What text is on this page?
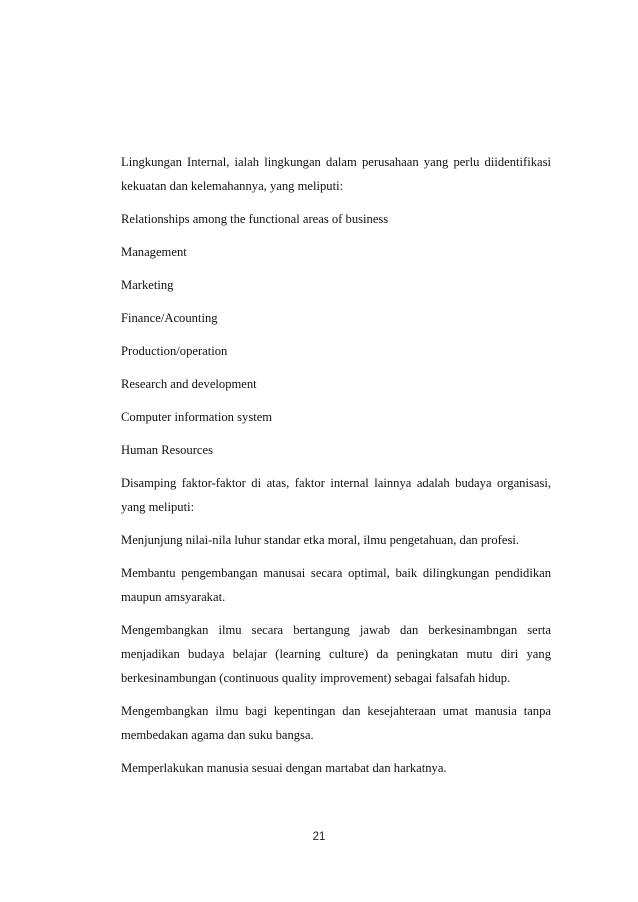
Lingkungan Internal, ialah lingkungan dalam perusahaan yang perlu diidentifikasi kekuatan dan kelemahannya, yang meliputi:

Relationships among the functional areas of business

Management

Marketing

Finance/Acounting

Production/operation

Research and development

Computer information system

Human Resources

Disamping faktor-faktor di atas, faktor internal lainnya adalah budaya organisasi, yang meliputi:

Menjunjung nilai-nila luhur standar etka moral, ilmu pengetahuan, dan profesi.

Membantu pengembangan manusai secara optimal, baik dilingkungan pendidikan maupun amsyarakat.

Mengembangkan ilmu secara bertangung jawab dan berkesinambngan serta menjadikan budaya belajar (learning culture) da peningkatan mutu diri yang berkesinambungan (continuous quality improvement) sebagai falsafah hidup.

Mengembangkan ilmu bagi kepentingan dan kesejahteraan umat manusia tanpa membedakan agama dan suku bangsa.

Memperlakukan manusia sesuai dengan martabat dan harkatnya.

21
